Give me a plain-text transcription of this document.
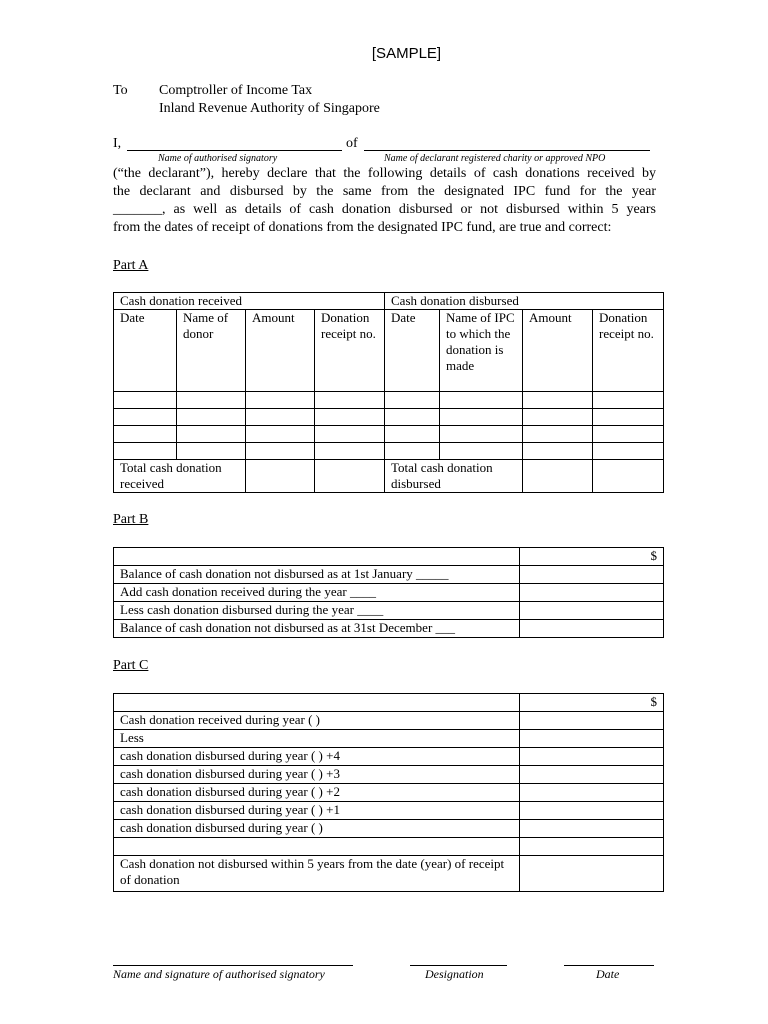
[SAMPLE]
To Comptroller of Income Tax
Inland Revenue Authority of Singapore
I,	of
Name of authorised signatory	Name of declarant registered charity or approved NPO
(“the declarant”), hereby declare that the following details of cash donations received by
the declarant and disbursed by the same from the designated IPC fund for the year
_______, as well as details of cash donation disbursed or not disbursed within 5 years
from the dates of receipt of donations from the designated IPC fund, are true and correct:
Part A
Cash donation received				Cash donation disbursed			
Date	Name of donor	Amount	Donation receipt no.	Date	Name of IPC to which the donation is made	Amount	Donation receipt no.

Total cash donation received				Total cash donation disbursed			
Part B
	$
Balance of cash donation not disbursed as at 1st January _____	
Add cash donation received during the year ____	
Less cash donation disbursed during the year ____	
Balance of cash donation not disbursed as at 31st December ___	
Part C
	$
Cash donation received during year ( )	
Less	
cash donation disbursed during year ( ) +4	
cash donation disbursed during year ( ) +3	
cash donation disbursed during year ( ) +2	
cash donation disbursed during year ( ) +1	
cash donation disbursed during year ( )	

Cash donation not disbursed within 5 years from the date (year) of receipt of donation	
Name and signature of authorised signatory	Designation	Date
